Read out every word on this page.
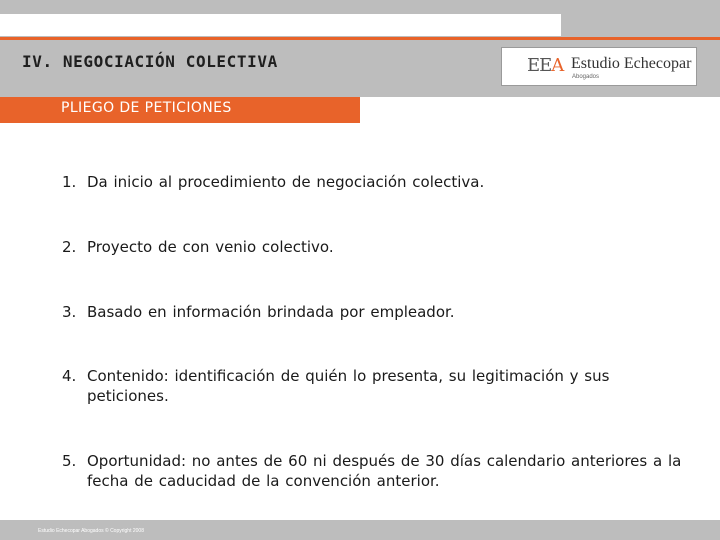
IV. NEGOCIACIÓN COLECTIVA	EEA Estudio Echecopar
Abogados
PLIEGO DE PETICIONES
1. Da inicio al procedimiento de negociación colectiva.
2. Proyecto de con venio colectivo.
3. Basado en información brindada por empleador.
4. Contenido: identificación de quién lo presenta, su legitimación y sus peticiones.
5. Oportunidad: no antes de 60 ni después de 30 días calendario anteriores a la fecha de caducidad de la convención anterior.
Estudio Echecopar Abogados © Copyright 2008
